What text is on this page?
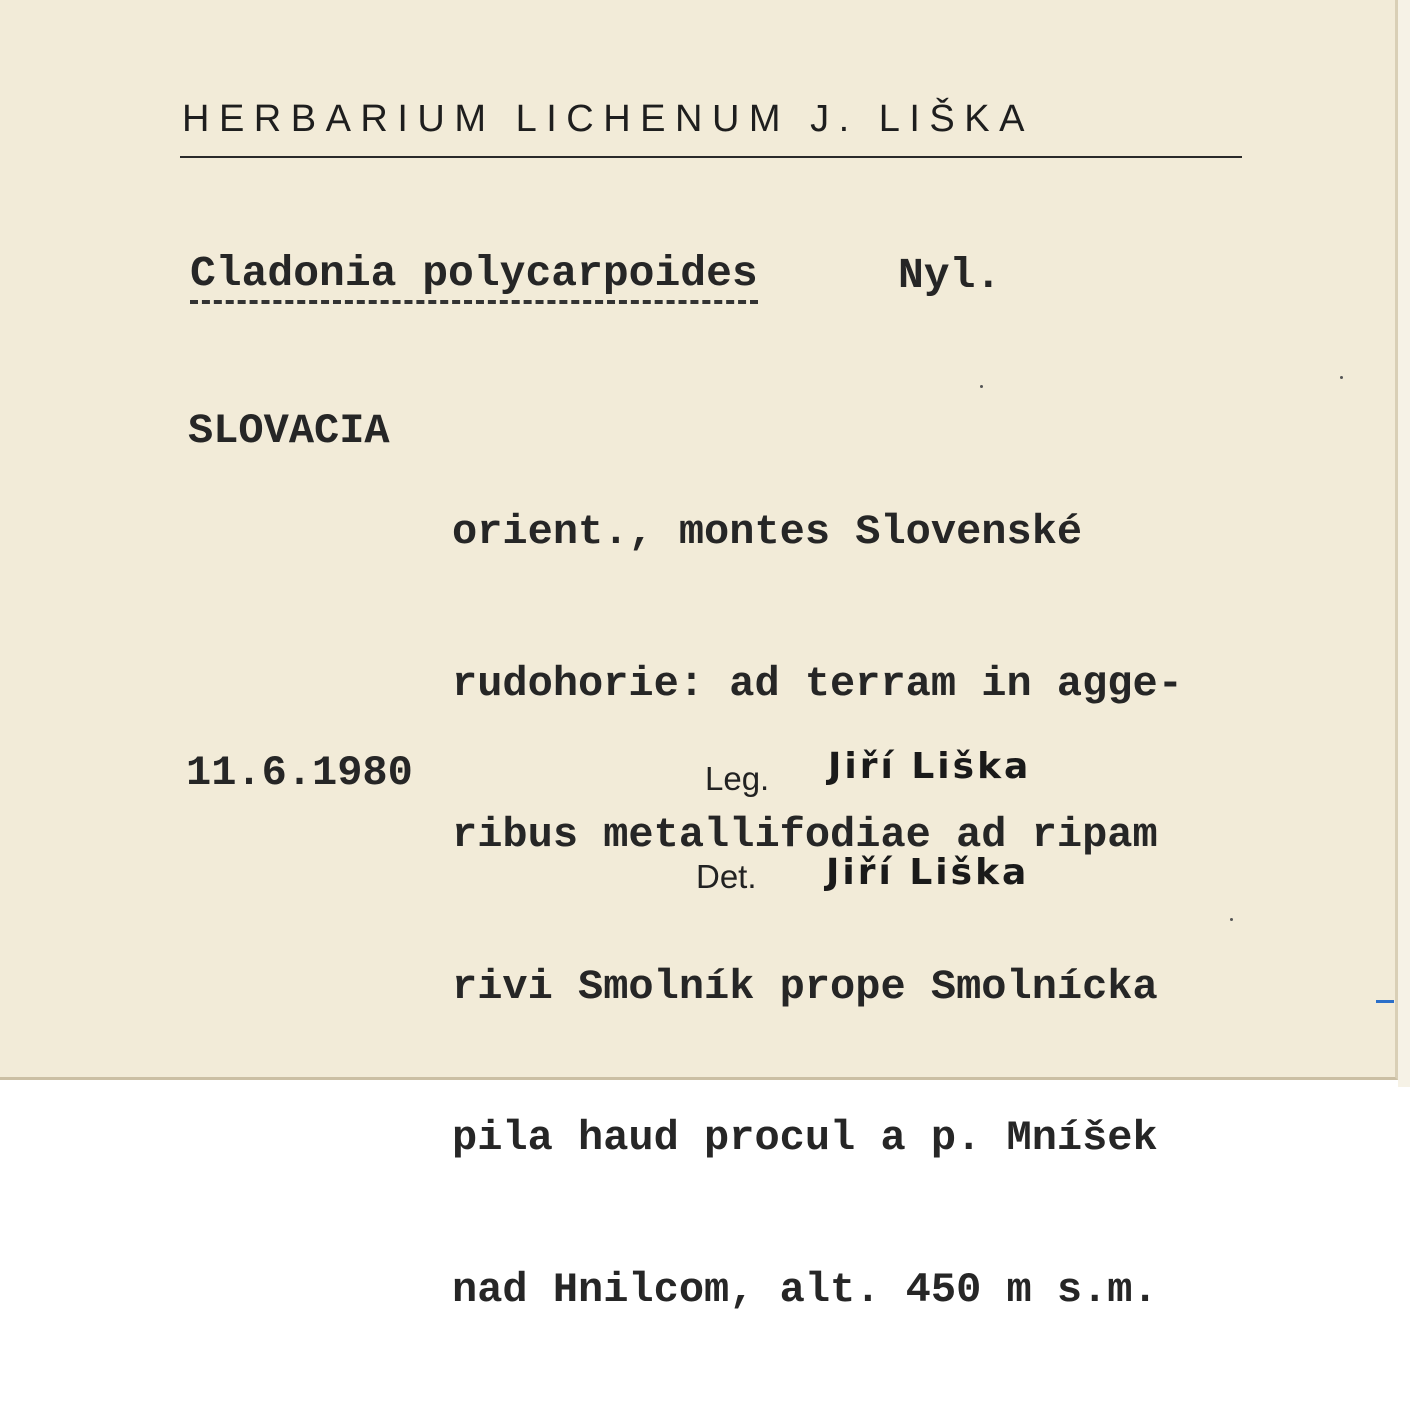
HERBARIUM LICHENUM J. LIŠKA
Cladonia polycarpoides	Nyl.
SLOVACIA

orient., montes Slovenské

rudohorie: ad terram in agge-

ribus metallifodiae ad ripam

rivi Smolník prope Smolnícka

pila haud procul a p. Mníšek

nad Hnilcom, alt. 450 m s.m.

11.6.1980	Leg. Jiří Liška
Det. Jiří Liška
